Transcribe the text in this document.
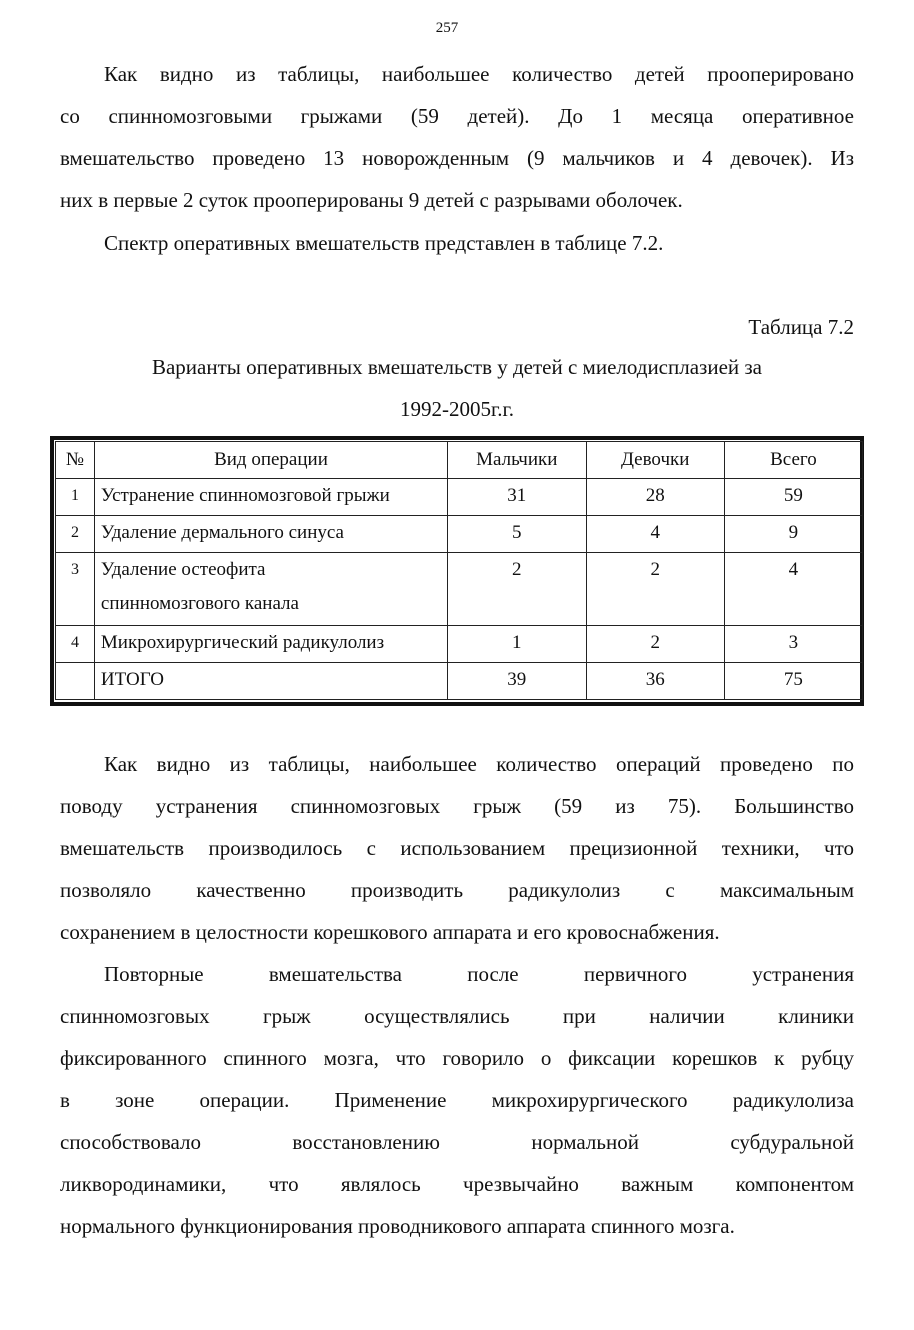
257
Как видно из таблицы, наибольшее количество детей прооперировано
со спинномозговыми грыжами (59 детей). До 1 месяца оперативное
вмешательство проведено 13 новорожденным (9 мальчиков и 4 девочек). Из
них в первые 2 суток прооперированы 9 детей с разрывами оболочек.
Спектр оперативных вмешательств представлен в таблице 7.2.
Таблица 7.2
Варианты оперативных вмешательств у детей с миелодисплазией за
1992-2005г.г.
№	Вид операции	Мальчики	Девочки	Всего
1	Устранение спинномозговой грыжи	31	28	59
2	Удаление дермального синуса	5	4	9
3	Удаление остеофита
спинномозгового канала	2	2	4
4	Микрохирургический радикулолиз	1	2	3
	ИТОГО	39	36	75
Как видно из таблицы, наибольшее количество операций проведено по
поводу устранения спинномозговых грыж (59 из 75). Большинство
вмешательств производилось с использованием прецизионной техники, что
позволяло качественно производить радикулолиз с максимальным
сохранением в целостности корешкового аппарата и его кровоснабжения.
Повторные вмешательства после первичного устранения
спинномозговых грыж осуществлялись при наличии клиники
фиксированного спинного мозга, что говорило о фиксации корешков к рубцу
в зоне операции. Применение микрохирургического радикулолиза
способствовало восстановлению нормальной субдуральной
ликвородинамики, что являлось чрезвычайно важным компонентом
нормального функционирования проводникового аппарата спинного мозга.
